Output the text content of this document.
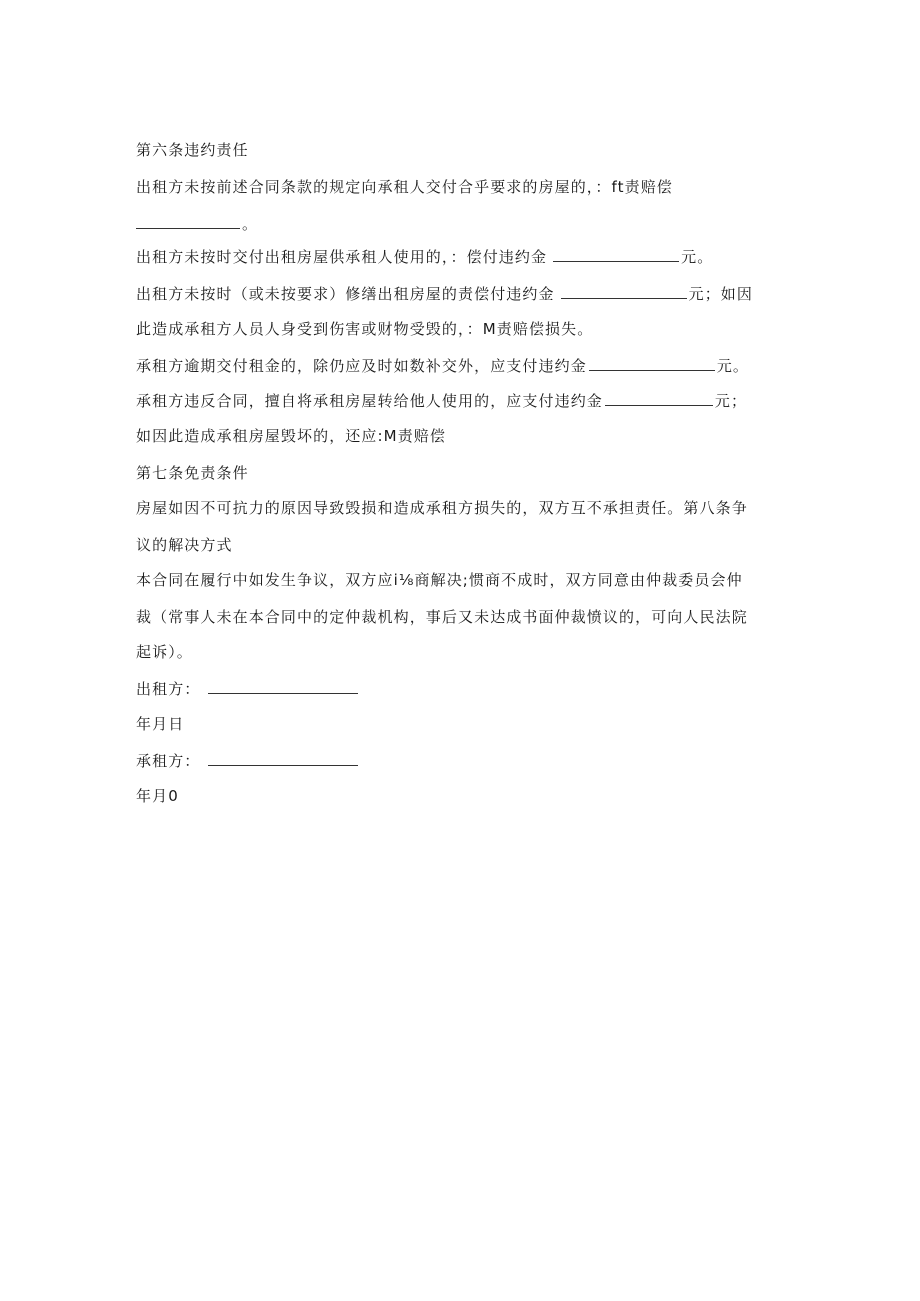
第六条违约责任
出租方未按前述合同条款的规定向承租人交付合乎要求的房屋的，：ft责赔偿
。
出租方未按时交付出租房屋供承租人使用的，：偿付违约金	元。
出租方未按时（或未按要求）修缮出租房屋的责偿付违约金	元；如因
此造成承租方人员人身受到伤害或财物受毁的，：M责赔偿损失。
承租方逾期交付租金的，除仍应及时如数补交外，应支付违约金	元。
承租方违反合同，擅自将承租房屋转给他人使用的，应支付违约金	元；
如因此造成承租房屋毁坏的，还应:M责赔偿
第七条免责条件
房屋如因不可抗力的原因导致毁损和造成承租方损失的，双方互不承担责任。第八条争
议的解决方式
本合同在履行中如发生争议，双方应i⅛商解决;惯商不成时，双方同意由仲裁委员会仲
裁（常事人未在本合同中的定仲裁机构，事后又未达成书面仲裁愤议的，可向人民法院
起诉）。
出租方：
年月日
承租方：
年月0
